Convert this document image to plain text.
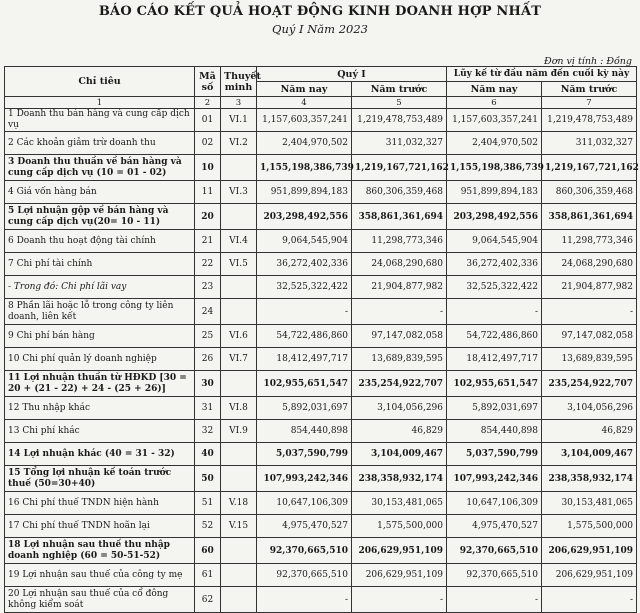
BÁO CÁO KẾT QUẢ HOẠT ĐỘNG KINH DOANH HỢP NHẤT
Quý I Năm 2023
Đơn vị tính : Đồng
Chỉ tiêu	Mã số	Thuyết minh	Quý I		Lũy kế từ đầu năm đến cuối kỳ này	
			Năm nay	Năm trước	Năm nay	Năm trước
1	2	3	4	5	6	7
1 Doanh thu bán hàng và cung cấp dịch vụ	01	VI.1	1,157,603,357,241	1,219,478,753,489	1,157,603,357,241	1,219,478,753,489
2 Các khoản giảm trừ doanh thu	02	VI.2	2,404,970,502	311,032,327	2,404,970,502	311,032,327
3 Doanh thu thuần về bán hàng và cung cấp dịch vụ (10 = 01 - 02)	10		1,155,198,386,739	1,219,167,721,162	1,155,198,386,739	1,219,167,721,162
4 Giá vốn hàng bán	11	VI.3	951,899,894,183	860,306,359,468	951,899,894,183	860,306,359,468
5 Lợi nhuận gộp về bán hàng và cung cấp dịch vụ(20= 10 - 11)	20		203,298,492,556	358,861,361,694	203,298,492,556	358,861,361,694
6 Doanh thu hoạt động tài chính	21	VI.4	9,064,545,904	11,298,773,346	9,064,545,904	11,298,773,346
7 Chi phí tài chính	22	VI.5	36,272,402,336	24,068,290,680	36,272,402,336	24,068,290,680
- Trong đó: Chi phí lãi vay	23		32,525,322,422	21,904,877,982	32,525,322,422	21,904,877,982
8 Phần lãi hoặc lỗ trong công ty liên doanh, liên kết	24		-	-	-	-
9 Chi phí bán hàng	25	VI.6	54,722,486,860	97,147,082,058	54,722,486,860	97,147,082,058
10 Chi phí quản lý doanh nghiệp	26	VI.7	18,412,497,717	13,689,839,595	18,412,497,717	13,689,839,595
11 Lợi nhuận thuần từ HĐKD [30 = 20 + (21 - 22) + 24 - (25 + 26)]	30		102,955,651,547	235,254,922,707	102,955,651,547	235,254,922,707
12 Thu nhập khác	31	VI.8	5,892,031,697	3,104,056,296	5,892,031,697	3,104,056,296
13 Chi phí khác	32	VI.9	854,440,898	46,829	854,440,898	46,829
14 Lợi nhuận khác (40 = 31 - 32)	40		5,037,590,799	3,104,009,467	5,037,590,799	3,104,009,467
15 Tổng lợi nhuận kế toán trước thuế (50=30+40)	50		107,993,242,346	238,358,932,174	107,993,242,346	238,358,932,174
16 Chi phí thuế TNDN hiện hành	51	V.18	10,647,106,309	30,153,481,065	10,647,106,309	30,153,481,065
17 Chi phí thuế TNDN hoãn lại	52	V.15	4,975,470,527	1,575,500,000	4,975,470,527	1,575,500,000
18 Lợi nhuận sau thuế thu nhập doanh nghiệp (60 = 50-51-52)	60		92,370,665,510	206,629,951,109	92,370,665,510	206,629,951,109
19 Lợi nhuận sau thuế của công ty mẹ	61		92,370,665,510	206,629,951,109	92,370,665,510	206,629,951,109
20 Lợi nhuận sau thuế của cổ đông không kiểm soát	62		-	-	-	-
